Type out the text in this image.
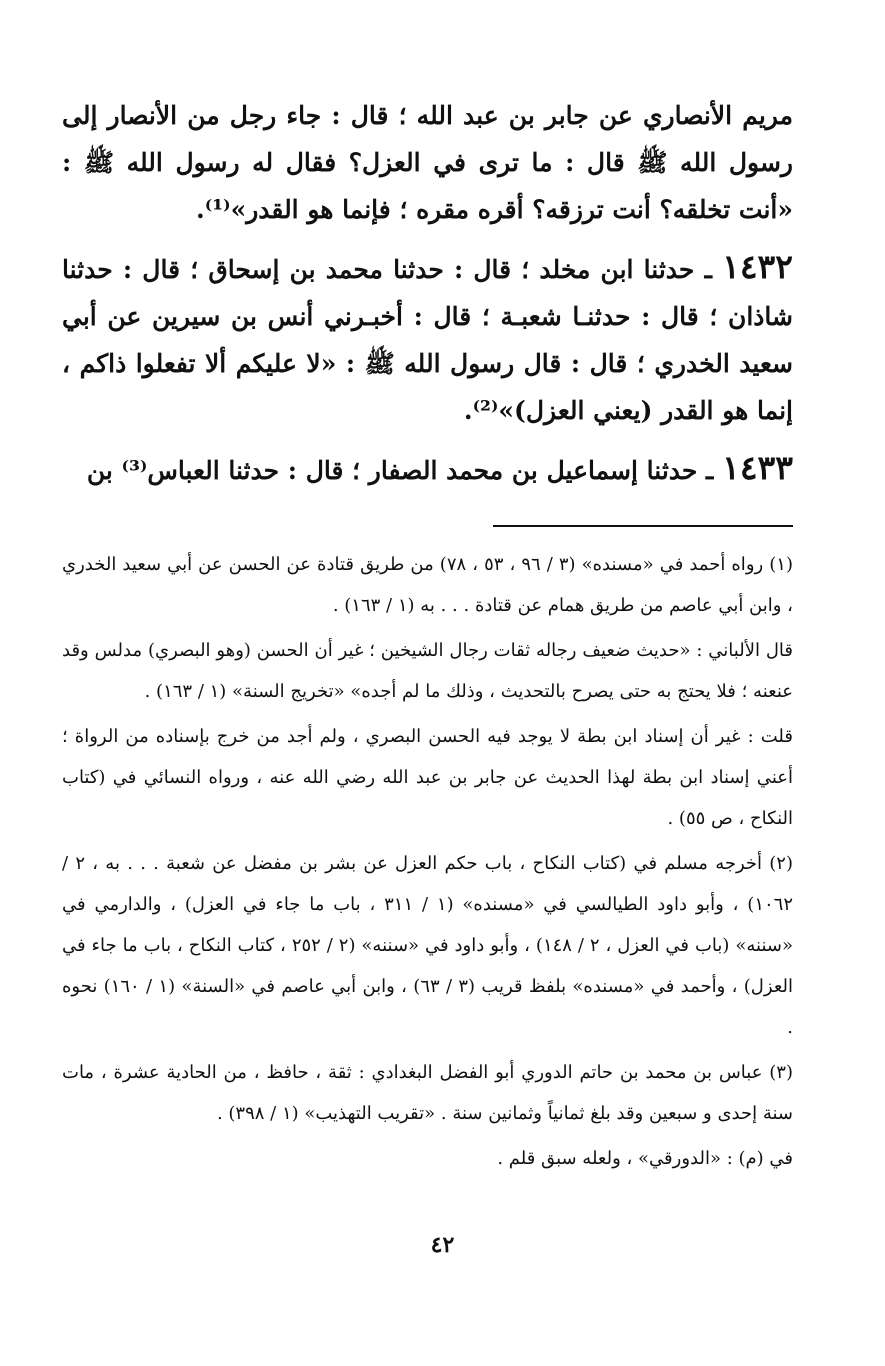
مريم الأنصاري عن جابر بن عبد الله ؛ قال : جاء رجل من الأنصار إلى رسول الله ﷺ قال : ما ترى في العزل؟ فقال له رسول الله ﷺ : «أنت تخلقه؟ أنت ترزقه؟ أقره مقره ؛ فإنما هو القدر»⁽¹⁾.

١٤٣٢ ـ حدثنا ابن مخلد ؛ قال : حدثنا محمد بن إسحاق ؛ قال : حدثنا شاذان ؛ قال : حدثنـا شعبـة ؛ قال : أخبـرني أنس بن سيرين عن أبي سعيد الخدري ؛ قال : قال رسول الله ﷺ : «لا عليكم ألا تفعلوا ذاكم ، إنما هو القدر (يعني العزل)»⁽²⁾.

١٤٣٣ ـ حدثنا إسماعيل بن محمد الصفار ؛ قال : حدثنا العباس⁽³⁾ بن

(١) رواه أحمد في «مسنده» (٣ / ٩٦ ، ٥٣ ، ٧٨) من طريق قتادة عن الحسن عن أبي سعيد الخدري ، وابن أبي عاصم من طريق همام عن قتادة . . . به (١ / ١٦٣) .

قال الألباني : «حديث ضعيف رجاله ثقات رجال الشيخين ؛ غير أن الحسن (وهو البصري) مدلس وقد عنعنه ؛ فلا يحتج به حتى يصرح بالتحديث ، وذلك ما لم أجده» «تخريج السنة» (١ / ١٦٣) .

قلت : غير أن إسناد ابن بطة لا يوجد فيه الحسن البصري ، ولم أجد من خرج بإسناده من الرواة ؛ أعني إسناد ابن بطة لهذا الحديث عن جابر بن عبد الله رضي الله عنه ، ورواه النسائي في (كتاب النكاح ، ص ٥٥) .

(٢) أخرجه مسلم في (كتاب النكاح ، باب حكم العزل عن بشر بن مفضل عن شعبة . . . به ، ٢ / ١٠٦٢) ، وأبو داود الطيالسي في «مسنده» (١ / ٣١١ ، باب ما جاء في العزل) ، والدارمي في «سننه» (باب في العزل ، ٢ / ١٤٨) ، وأبو داود في «سننه» (٢ / ٢٥٢ ، كتاب النكاح ، باب ما جاء في العزل) ، وأحمد في «مسنده» بلفظ قريب (٣ / ٦٣) ، وابن أبي عاصم في «السنة» (١ / ١٦٠) نحوه .

(٣) عباس بن محمد بن حاتم الدوري أبو الفضل البغدادي : ثقة ، حافظ ، من الحادية عشرة ، مات سنة إحدى و سبعين وقد بلغ ثمانياً وثمانين سنة . «تقريب التهذيب» (١ / ٣٩٨) .

في (م) : «الدورقي» ، ولعله سبق قلم .

٤٢
